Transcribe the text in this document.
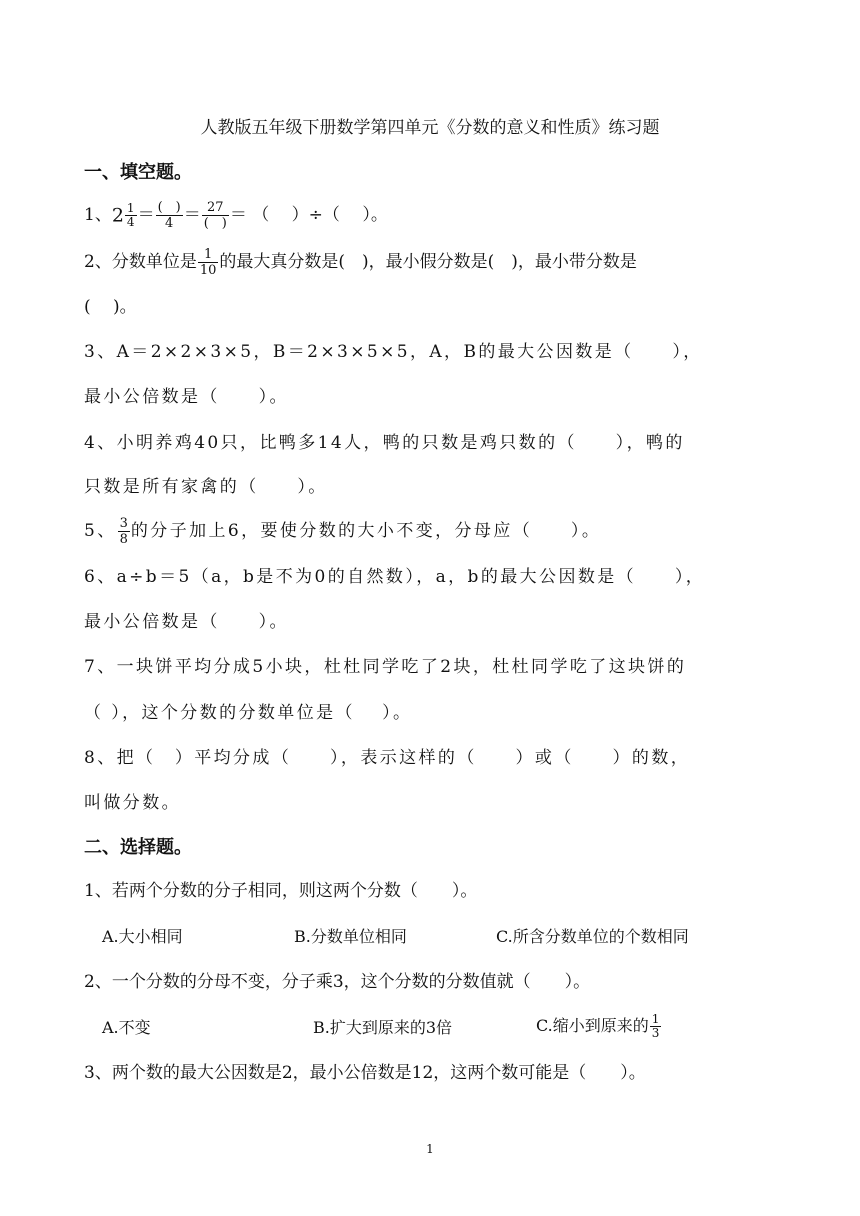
人教版五年级下册数学第四单元《分数的意义和性质》练习题
一、填空题。
1、$2 \frac{1}{4} = \frac{( )}{4} = \frac{27}{( )}$ ＝ （　 ）÷（　 ）。
2、分数单位是 $\frac{1}{10}$ 的最大真分数是(　)，最小假分数是(　)，最小带分数是
(　 )。
3、A＝2×2×3×5，B＝2×3×5×5，A，B的最大公因数是（　　），
最小公倍数是（　　）。
4、小明养鸡40只，比鸭多14人，鸭的只数是鸡只数的（　　），鸭的
只数是所有家禽的（　　）。
5、 $\frac{3}{8}$ 的分子加上6，要使分数的大小不变，分母应（　　）。
6、a÷b＝5（a，b是不为0的自然数），a，b的最大公因数是（　　），
最小公倍数是（　　）。
7、一块饼平均分成5小块，杜杜同学吃了2块，杜杜同学吃了这块饼的
（ ），这个分数的分数单位是（　 ）。
8、把（　）平均分成（　　），表示这样的（　　）或（　　）的数，
叫做分数。
二、选择题。
1、若两个分数的分子相同，则这两个分数（　　）。
A.大小相同	B.分数单位相同	C.所含分数单位的个数相同
2、一个分数的分母不变，分子乘3，这个分数的分数值就（　　）。
A.不变	B.扩大到原来的3倍	C.缩小到原来的 $\frac{1}{3}$
3、两个数的最大公因数是2，最小公倍数是12，这两个数可能是（　　）。
1
